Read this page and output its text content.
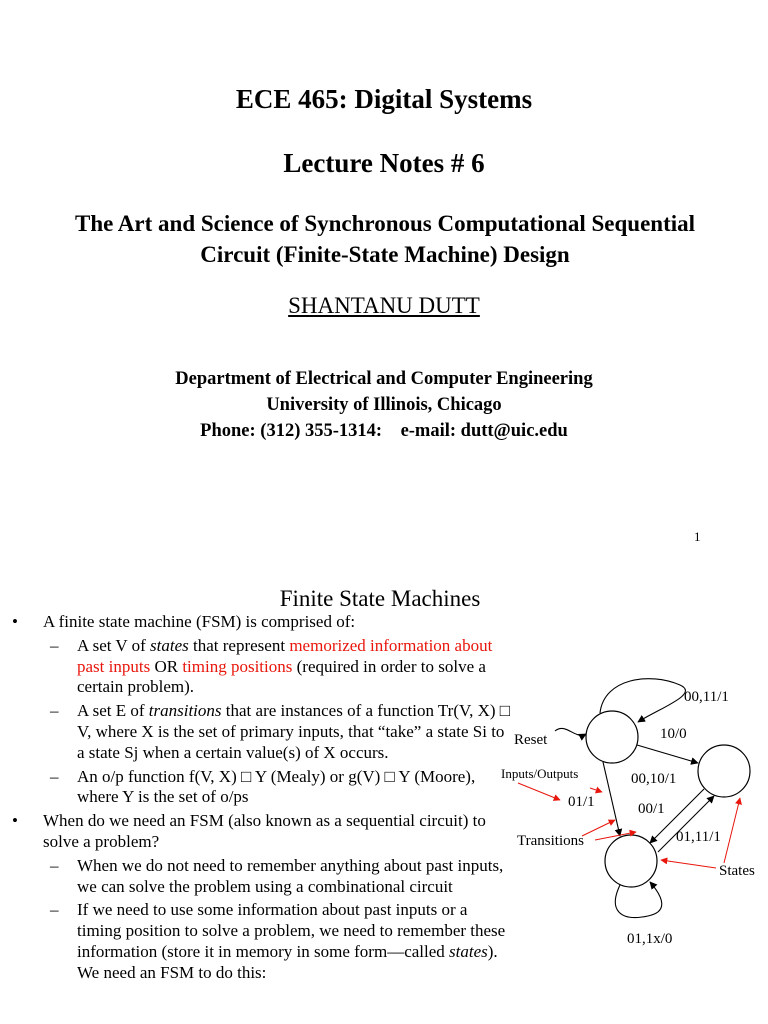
ECE 465: Digital Systems
Lecture Notes # 6
The Art and Science of Synchronous Computational Sequential
Circuit (Finite-State Machine) Design
SHANTANU DUTT
Department of Electrical and Computer Engineering
University of Illinois, Chicago
Phone: (312) 355-1314:    e-mail: dutt@uic.edu
1
Finite State Machines
• A finite state machine (FSM) is comprised of:
– A set V of states that represent memorized information about past inputs OR timing positions (required in order to solve a certain problem).
– A set E of transitions that are instances of a function Tr(V, X) □ V, where X is the set of primary inputs, that “take” a state Si to a state Sj when a certain value(s) of X occurs.
– An o/p function f(V, X) □ Y (Mealy) or g(V) □ Y (Moore), where Y is the set of o/ps
• When do we need an FSM (also known as a sequential circuit) to solve a problem?
– When we do not need to remember anything about past inputs, we can solve the problem using a combinational circuit
– If we need to use some information about past inputs or a timing position to solve a problem, we need to remember these information (store it in memory in some form—called states). We need an FSM to do this:
00,11/1
10/0
Reset
00,10/1
Inputs/Outputs
01/1	00/1
Transitions	01,11/1
States
01,1x/0
